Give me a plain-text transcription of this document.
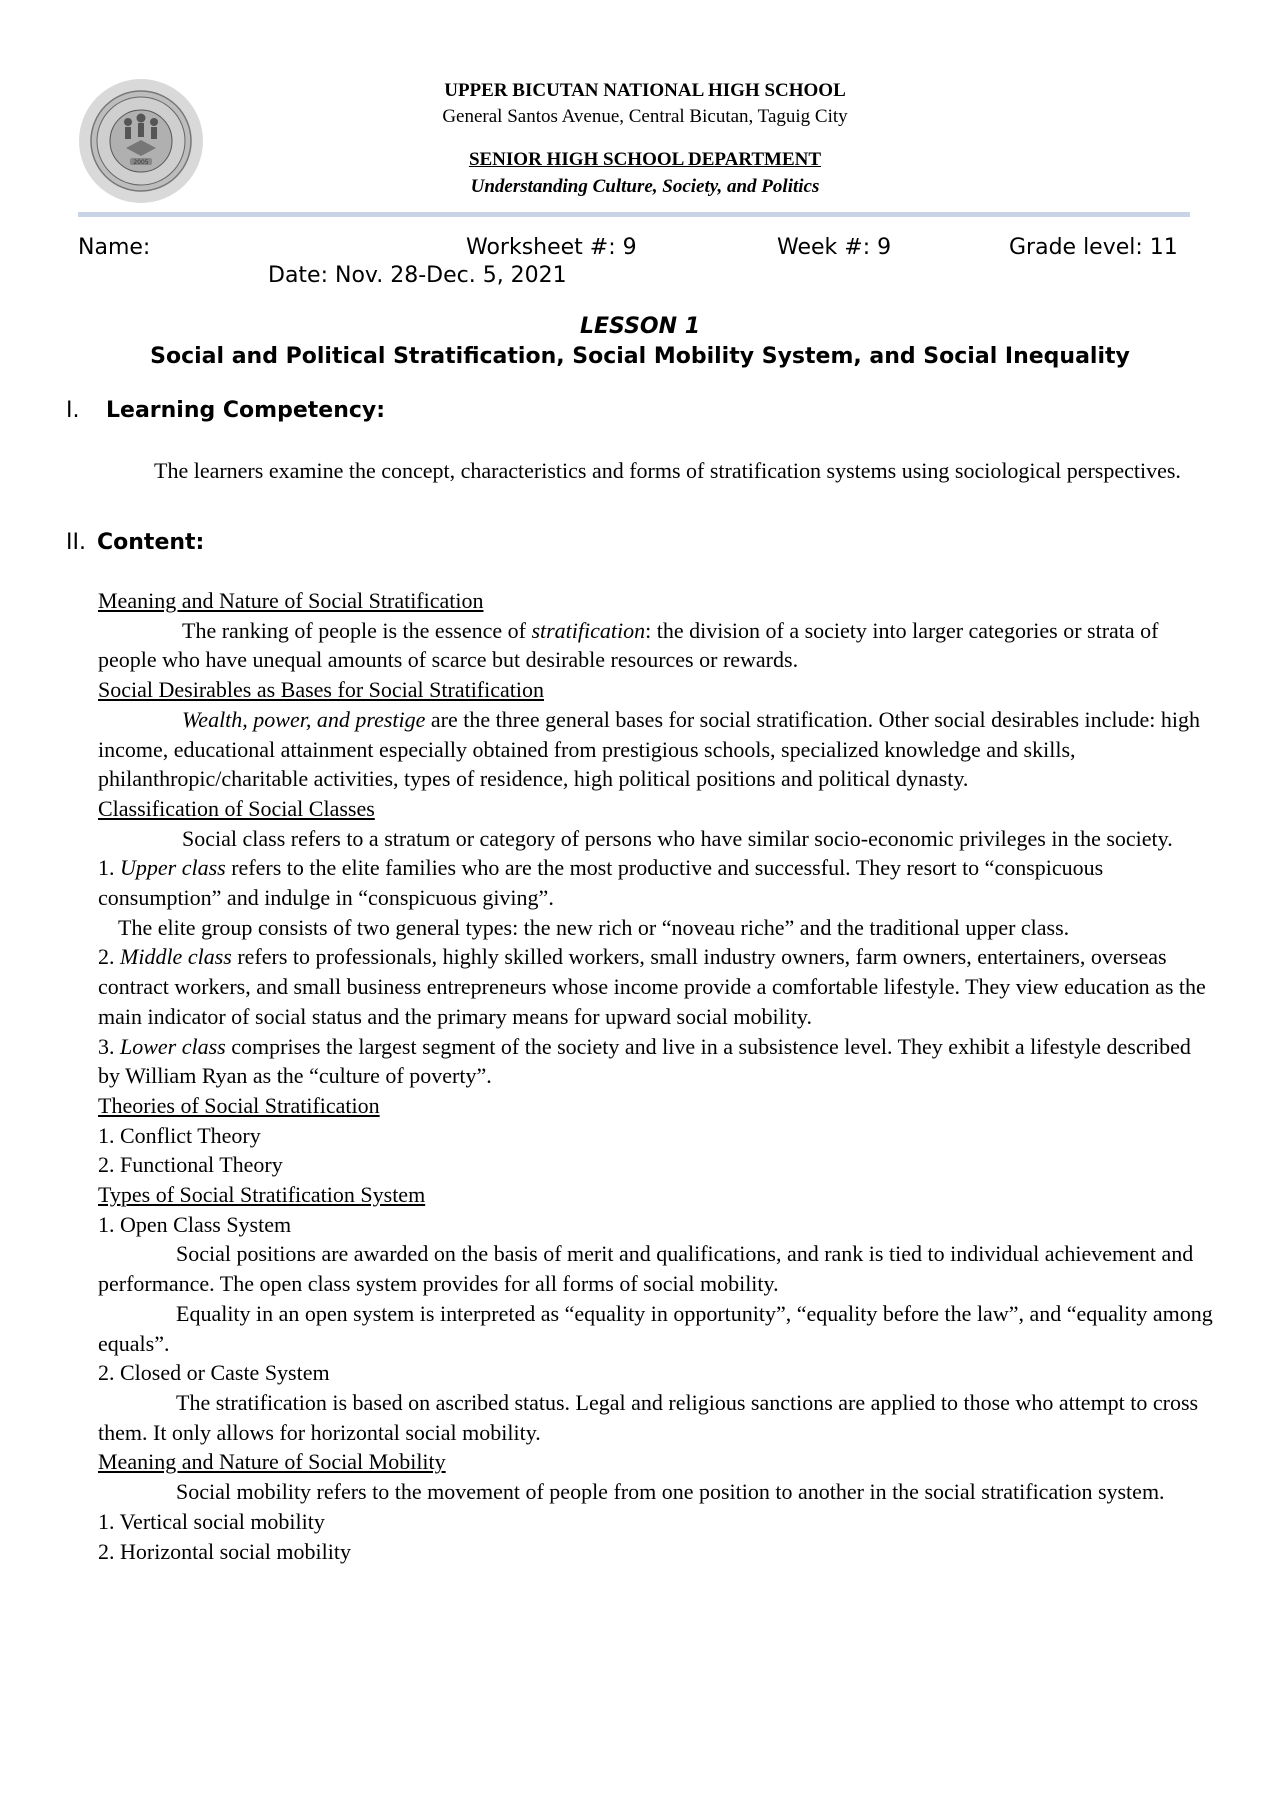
2005
UPPER BICUTAN NATIONAL HIGH SCHOOL
General Santos Avenue, Central Bicutan, Taguig City
SENIOR HIGH SCHOOL DEPARTMENT
Understanding Culture, Society, and Politics
Name:	Worksheet #: 9	Week #: 9	Grade level: 11
Date: Nov. 28-Dec. 5, 2021
LESSON 1
Social and Political Stratification, Social Mobility System, and Social Inequality
I. Learning Competency:

The learners examine the concept, characteristics and forms of stratification systems using sociological perspectives.

II. Content:

Meaning and Nature of Social Stratification

The ranking of people is the essence of stratification: the division of a society into larger categories or strata of people who have unequal amounts of scarce but desirable resources or rewards.

Social Desirables as Bases for Social Stratification

Wealth, power, and prestige are the three general bases for social stratification. Other social desirables include: high income, educational attainment especially obtained from prestigious schools, specialized knowledge and skills, philanthropic/charitable activities, types of residence, high political positions and political dynasty.

Classification of Social Classes

Social class refers to a stratum or category of persons who have similar socio-economic privileges in the society.

1. Upper class refers to the elite families who are the most productive and successful. They resort to “conspicuous consumption” and indulge in “conspicuous giving”.

The elite group consists of two general types: the new rich or “noveau riche” and the traditional upper class.

2. Middle class refers to professionals, highly skilled workers, small industry owners, farm owners, entertainers, overseas contract workers, and small business entrepreneurs whose income provide a comfortable lifestyle. They view education as the main indicator of social status and the primary means for upward social mobility.

3. Lower class comprises the largest segment of the society and live in a subsistence level. They exhibit a lifestyle described by William Ryan as the “culture of poverty”.

Theories of Social Stratification

1. Conflict Theory

2. Functional Theory

Types of Social Stratification System

1. Open Class System

Social positions are awarded on the basis of merit and qualifications, and rank is tied to individual achievement and performance. The open class system provides for all forms of social mobility.

Equality in an open system is interpreted as “equality in opportunity”, “equality before the law”, and “equality among equals”.

2. Closed or Caste System

The stratification is based on ascribed status. Legal and religious sanctions are applied to those who attempt to cross them. It only allows for horizontal social mobility.

Meaning and Nature of Social Mobility

Social mobility refers to the movement of people from one position to another in the social stratification system.

1. Vertical social mobility

2. Horizontal social mobility
